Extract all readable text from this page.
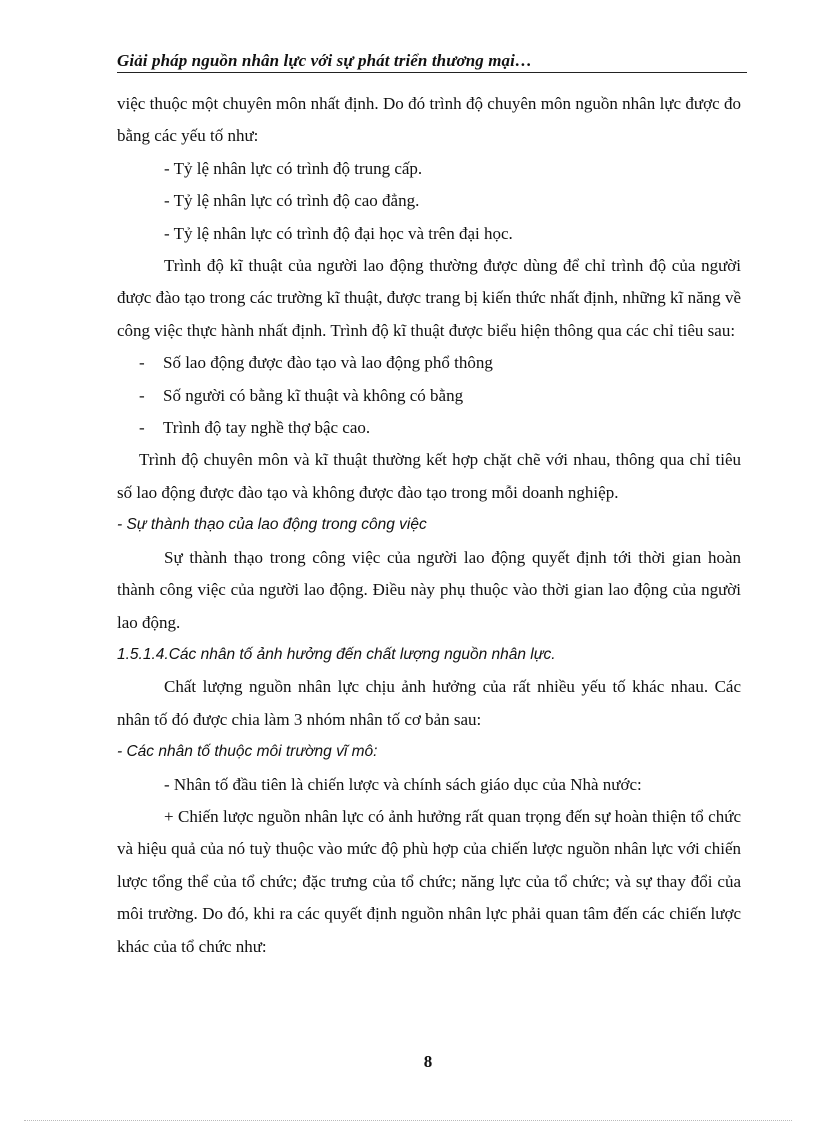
Giải pháp nguồn nhân lực với sự phát triển thương mại…

việc thuộc một chuyên môn nhất định. Do đó trình độ chuyên môn nguồn nhân lực được đo bằng các yếu tố như:

- Tỷ lệ nhân lực có trình độ trung cấp.

- Tỷ lệ nhân lực có trình độ cao đẳng.

- Tỷ lệ nhân lực có trình độ đại học và trên đại học.

Trình độ kĩ thuật của người lao động thường được dùng để chỉ trình độ của người được đào tạo trong các trường kĩ thuật, được trang bị kiến thức nhất định, những kĩ năng về công việc thực hành nhất định. Trình độ kĩ thuật được biểu hiện thông qua các chỉ tiêu sau:

-	Số lao động được đào tạo và lao động phổ thông
-	Số người có bằng kĩ thuật và không có bằng
-	Trình độ tay nghề thợ bậc cao.

Trình độ chuyên môn và kĩ thuật thường kết hợp chặt chẽ với nhau, thông qua chỉ tiêu số lao động được đào tạo và không được đào tạo trong mỗi doanh nghiệp.

- Sự thành thạo của lao động trong công việc

Sự thành thạo trong công việc của người lao động quyết định tới thời gian hoàn thành công việc của người lao động. Điều này phụ thuộc vào thời gian lao động của người lao động.

1.5.1.4.Các nhân tố ảnh hưởng đến chất lượng nguồn nhân lực.

Chất lượng nguồn nhân lực chịu ảnh hưởng của rất nhiều yếu tố khác nhau. Các nhân tố đó được chia làm 3 nhóm nhân tố cơ bản sau:

- Các nhân tố thuộc môi trường vĩ mô:

- Nhân tố đầu tiên là chiến lược và chính sách giáo dục của Nhà nước:

+ Chiến lược nguồn nhân lực có ảnh hưởng rất quan trọng đến sự hoàn thiện tổ chức và hiệu quả của nó tuỳ thuộc vào mức độ phù hợp của chiến lược nguồn nhân lực với chiến lược tổng thể của tổ chức; đặc trưng của tổ chức; năng lực của tổ chức; và sự thay đổi của môi trường. Do đó, khi ra các quyết định nguồn nhân lực phải quan tâm đến các chiến lược khác của tổ chức như:

8
